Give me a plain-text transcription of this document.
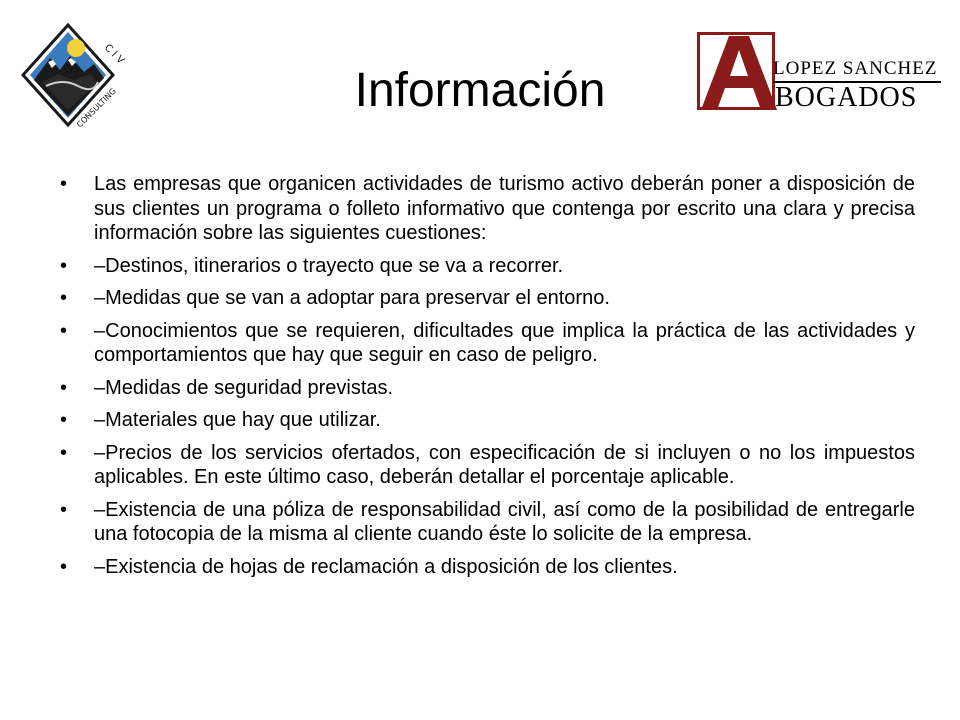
C I V
CONSULTING	Información	LOPEZ SANCHEZ
BOGADOS
• Las empresas que organicen actividades de turismo activo deberán poner a disposición de sus clientes un programa o folleto informativo que contenga por escrito una clara y precisa información sobre las siguientes cuestiones:
• –Destinos, itinerarios o trayecto que se va a recorrer.
• –Medidas que se van a adoptar para preservar el entorno.
• –Conocimientos que se requieren, dificultades que implica la práctica de las actividades y comportamientos que hay que seguir en caso de peligro.
• –Medidas de seguridad previstas.
• –Materiales que hay que utilizar.
• –Precios de los servicios ofertados, con especificación de si incluyen o no los impuestos aplicables. En este último caso, deberán detallar el porcentaje aplicable.
• –Existencia de una póliza de responsabilidad civil, así como de la posibilidad de entregarle una fotocopia de la misma al cliente cuando éste lo solicite de la empresa.
• –Existencia de hojas de reclamación a disposición de los clientes.
